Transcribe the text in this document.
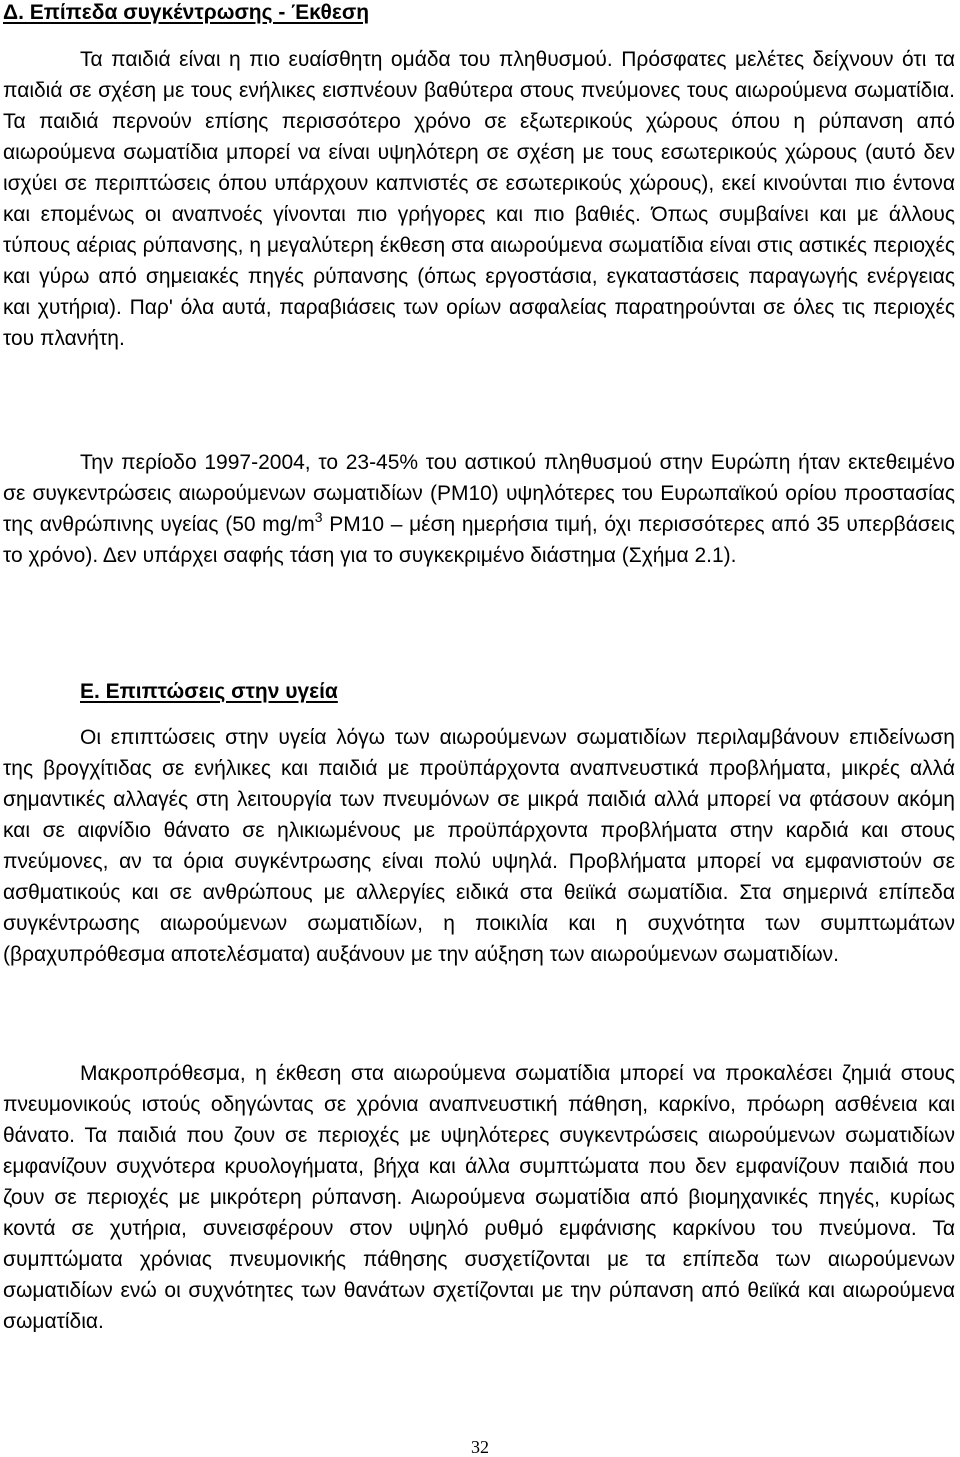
Δ. Επίπεδα συγκέντρωσης - Έκθεση

Τα παιδιά είναι η πιο ευαίσθητη ομάδα του πληθυσμού. Πρόσφατες μελέτες δείχνουν ότι τα παιδιά σε σχέση με τους ενήλικες εισπνέουν βαθύτερα στους πνεύμονες τους αιωρούμενα σωματίδια. Τα παιδιά περνούν επίσης περισσότερο χρόνο σε εξωτερικούς χώρους όπου η ρύπανση από αιωρούμενα σωματίδια μπορεί να είναι υψηλότερη σε σχέση με τους εσωτερικούς χώρους (αυτό δεν ισχύει σε περιπτώσεις όπου υπάρχουν καπνιστές σε εσωτερικούς χώρους), εκεί κινούνται πιο έντονα και επομένως οι αναπνοές γίνονται πιο γρήγορες και πιο βαθιές. Όπως συμβαίνει και με άλλους τύπους αέριας ρύπανσης, η μεγαλύτερη έκθεση στα αιωρούμενα σωματίδια είναι στις αστικές περιοχές και γύρω από σημειακές πηγές ρύπανσης (όπως εργοστάσια, εγκαταστάσεις παραγωγής ενέργειας και χυτήρια). Παρ' όλα αυτά, παραβιάσεις των ορίων ασφαλείας παρατηρούνται σε όλες τις περιοχές του πλανήτη.

Την περίοδο 1997-2004, το 23-45% του αστικού πληθυσμού στην Ευρώπη ήταν εκτεθειμένο σε συγκεντρώσεις αιωρούμενων σωματιδίων (PM10) υψηλότερες του Ευρωπαϊκού ορίου προστασίας της ανθρώπινης υγείας (50 $mg/m^3$ PM10 – μέση ημερήσια τιμή, όχι περισσότερες από 35 υπερβάσεις το χρόνο). Δεν υπάρχει σαφής τάση για το συγκεκριμένο διάστημα (Σχήμα 2.1).

Ε. Επιπτώσεις στην υγεία

Οι επιπτώσεις στην υγεία λόγω των αιωρούμενων σωματιδίων περιλαμβάνουν επιδείνωση της βρογχίτιδας σε ενήλικες και παιδιά με προϋπάρχοντα αναπνευστικά προβλήματα, μικρές αλλά σημαντικές αλλαγές στη λειτουργία των πνευμόνων σε μικρά παιδιά αλλά μπορεί να φτάσουν ακόμη και σε αιφνίδιο θάνατο σε ηλικιωμένους με προϋπάρχοντα προβλήματα στην καρδιά και στους πνεύμονες, αν τα όρια συγκέντρωσης είναι πολύ υψηλά. Προβλήματα μπορεί να εμφανιστούν σε ασθματικούς και σε ανθρώπους με αλλεργίες ειδικά στα θειϊκά σωματίδια. Στα σημερινά επίπεδα συγκέντρωσης αιωρούμενων σωματιδίων, η ποικιλία και η συχνότητα των συμπτωμάτων (βραχυπρόθεσμα αποτελέσματα) αυξάνουν με την αύξηση των αιωρούμενων σωματιδίων.

Μακροπρόθεσμα, η έκθεση στα αιωρούμενα σωματίδια μπορεί να προκαλέσει ζημιά στους πνευμονικούς ιστούς οδηγώντας σε χρόνια αναπνευστική πάθηση, καρκίνο, πρόωρη ασθένεια και θάνατο. Τα παιδιά που ζουν σε περιοχές με υψηλότερες συγκεντρώσεις αιωρούμενων σωματιδίων εμφανίζουν συχνότερα κρυολογήματα, βήχα και άλλα συμπτώματα που δεν εμφανίζουν παιδιά που ζουν σε περιοχές με μικρότερη ρύπανση. Αιωρούμενα σωματίδια από βιομηχανικές πηγές, κυρίως κοντά σε χυτήρια, συνεισφέρουν στον υψηλό ρυθμό εμφάνισης καρκίνου του πνεύμονα. Τα συμπτώματα χρόνιας πνευμονικής πάθησης συσχετίζονται με τα επίπεδα των αιωρούμενων σωματιδίων ενώ οι συχνότητες των θανάτων σχετίζονται με την ρύπανση από θειϊκά και αιωρούμενα σωματίδια.

32
